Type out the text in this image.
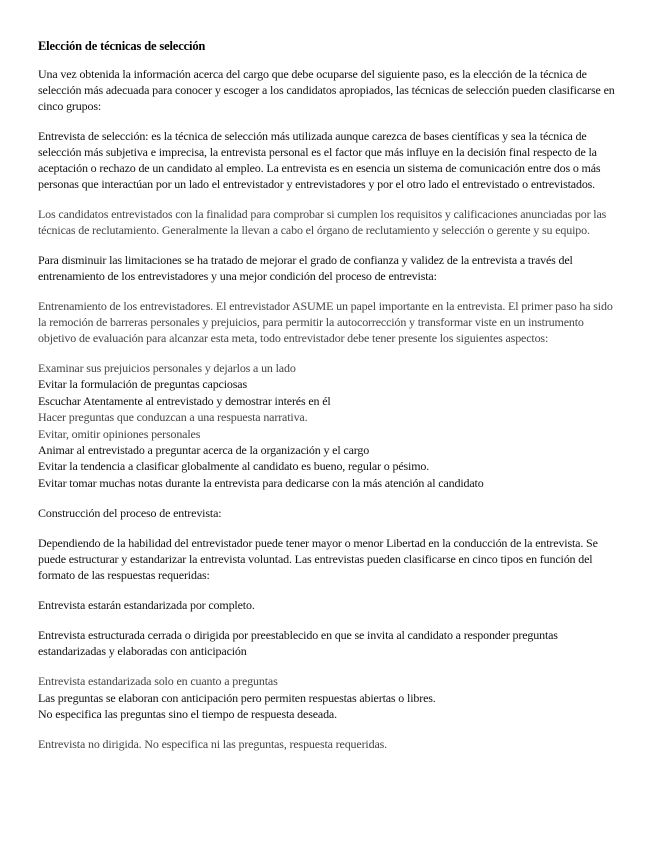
Elección de técnicas de selección

Una vez obtenida la información acerca del cargo que debe ocuparse del siguiente paso, es la elección de la técnica de selección más adecuada para conocer y escoger a los candidatos apropiados, las técnicas de selección pueden clasificarse en cinco grupos:

Entrevista de selección: es la técnica de selección más utilizada aunque carezca de bases científicas y sea la técnica de selección más subjetiva e imprecisa, la entrevista personal es el factor que más influye en la decisión final respecto de la aceptación o rechazo de un candidato al empleo. La entrevista es en esencia un sistema de comunicación entre dos o más personas que interactúan por un lado el entrevistador y entrevistadores y por el otro lado el entrevistado o entrevistados.

Los candidatos entrevistados con la finalidad para comprobar si cumplen los requisitos y calificaciones anunciadas por las técnicas de reclutamiento. Generalmente la llevan a cabo el órgano de reclutamiento y selección o gerente y su equipo.

Para disminuir las limitaciones se ha tratado de mejorar el grado de confianza y validez de la entrevista a través del entrenamiento de los entrevistadores y una mejor condición del proceso de entrevista:

Entrenamiento de los entrevistadores. El entrevistador ASUME un papel importante en la entrevista. El primer paso ha sido la remoción de barreras personales y prejuicios, para permitir la autocorrección y transformar viste en un instrumento objetivo de evaluación para alcanzar esta meta, todo entrevistador debe tener presente los siguientes aspectos:

Examinar sus prejuicios personales y dejarlos a un lado
Evitar la formulación de preguntas capciosas
Escuchar Atentamente al entrevistado y demostrar interés en él
Hacer preguntas que conduzcan a una respuesta narrativa.
Evitar, omitir opiniones personales
Animar al entrevistado a preguntar acerca de la organización y el cargo
Evitar la tendencia a clasificar globalmente al candidato es bueno, regular o pésimo.
Evitar tomar muchas notas durante la entrevista para dedicarse con la más atención al candidato

Construcción del proceso de entrevista:

Dependiendo de la habilidad del entrevistador puede tener mayor o menor Libertad en la conducción de la entrevista. Se puede estructurar y estandarizar la entrevista voluntad. Las entrevistas pueden clasificarse en cinco tipos en función del formato de las respuestas requeridas:

Entrevista estarán estandarizada por completo.

Entrevista estructurada cerrada o dirigida por preestablecido en que se invita al candidato a responder preguntas estandarizadas y elaboradas con anticipación

Entrevista estandarizada solo en cuanto a preguntas
Las preguntas se elaboran con anticipación pero permiten respuestas abiertas o libres.
No especifica las preguntas sino el tiempo de respuesta deseada.

Entrevista no dirigida. No especifica ni las preguntas, respuesta requeridas.
